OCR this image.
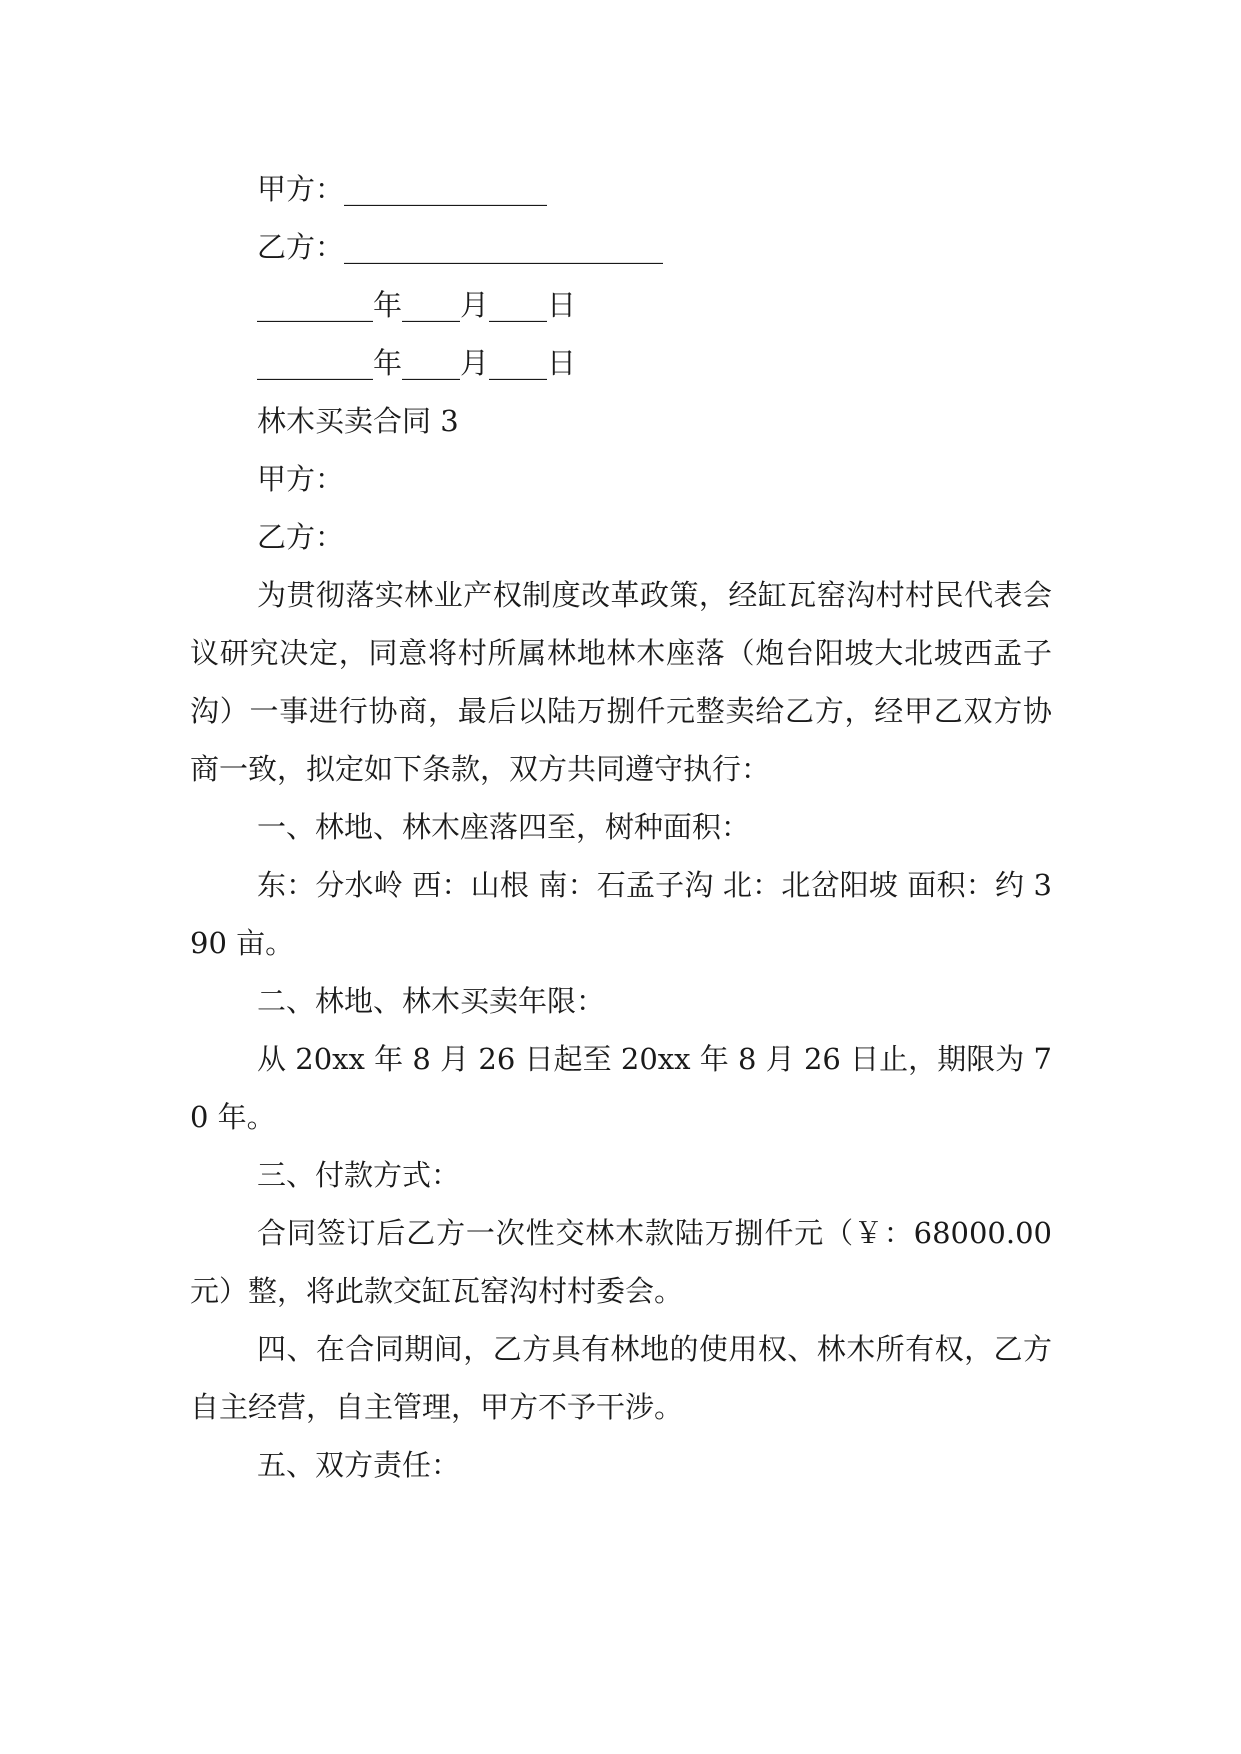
甲方：______________
乙方：______________________
________年____月____日
________年____月____日
林木买卖合同 3
甲方：
乙方：
为贯彻落实林业产权制度改革政策，经缸瓦窑沟村村民代表会议研究决定，同意将村所属林地林木座落（炮台阳坡大北坡西孟子沟）一事进行协商，最后以陆万捌仟元整卖给乙方，经甲乙双方协商一致，拟定如下条款，双方共同遵守执行：
一、林地、林木座落四至，树种面积：
东：分水岭 西：山根 南：石孟子沟 北：北岔阳坡 面积：约 390 亩。
二、林地、林木买卖年限：
从 20xx 年 8 月 26 日起至 20xx 年 8 月 26 日止，期限为 70 年。
三、付款方式：
合同签订后乙方一次性交林木款陆万捌仟元（￥：68000.00 元）整，将此款交缸瓦窑沟村村委会。
四、在合同期间，乙方具有林地的使用权、林木所有权，乙方自主经营，自主管理，甲方不予干涉。
五、双方责任：
